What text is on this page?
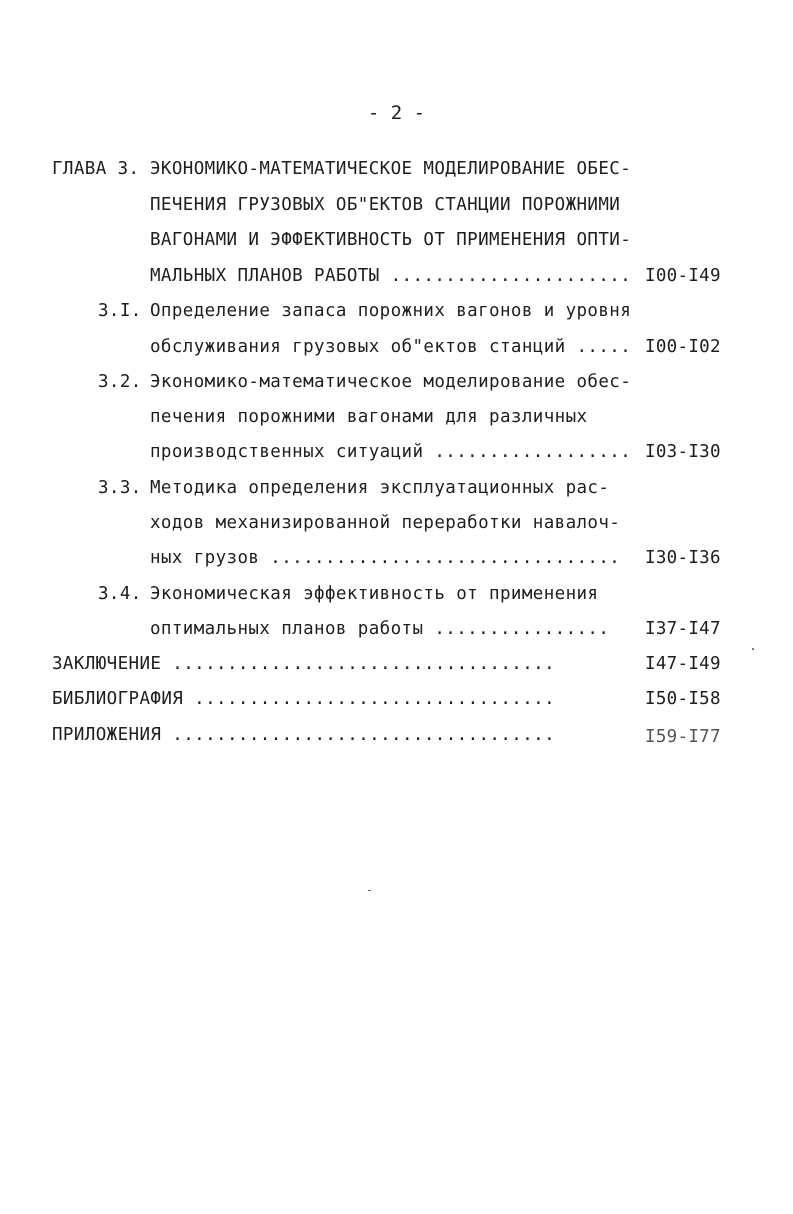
- 2 -
ГЛАВА 3. ЭКОНОМИКО-МАТЕМАТИЧЕСКОЕ МОДЕЛИРОВАНИЕ ОБЕС-
ПЕЧЕНИЯ ГРУЗОВЫХ ОБ"ЕКТОВ СТАНЦИИ ПОРОЖНИМИ
ВАГОНАМИ И ЭФФЕКТИВНОСТЬ ОТ ПРИМЕНЕНИЯ ОПТИ-
МАЛЬНЫХ ПЛАНОВ РАБОТЫ ...................... I00-I49
3.I. Определение запаса порожних вагонов и уровня
обслуживания грузовых об"ектов станций ..... I00-I02
3.2. Экономико-математическое моделирование обес-
печения порожними вагонами для различных
производственных ситуаций .................. I03-I30
3.3. Методика определения эксплуатационных рас-
ходов механизированной переработки навалоч-
ных грузов ................................ I30-I36
3.4. Экономическая эффективность от применения
оптимальных планов работы ................ I37-I47
ЗАКЛЮЧЕНИЕ ...................................	I47-I49
БИБЛИОГРАФИЯ .................................	I50-I58
ПРИЛОЖЕНИЯ ...................................	I59-I77
